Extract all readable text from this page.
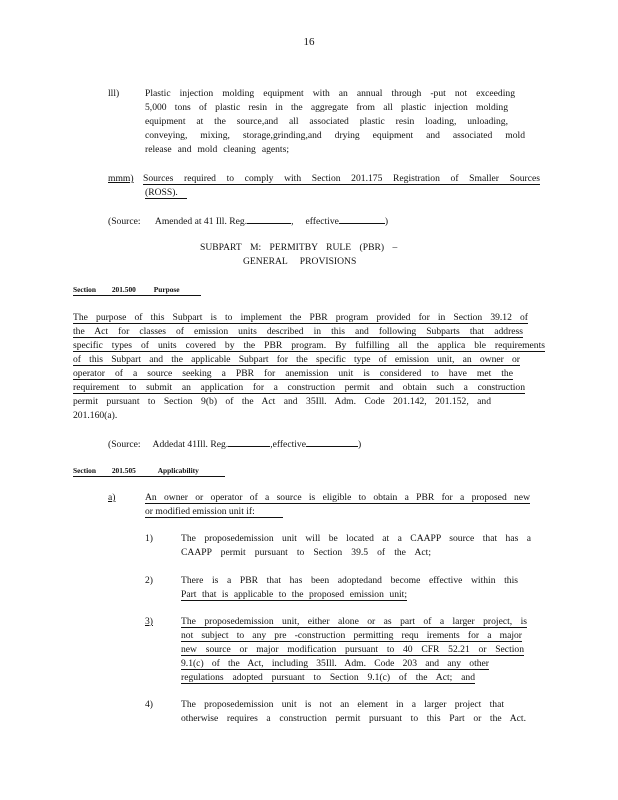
16
lll)	Plastic injection molding equipment with an annual through -put not exceeding
5,000 tons of plastic resin in the aggregate from all plastic injection molding
equipment at the source,and all associated plastic resin loading, unloading,
conveying, mixing, storage,grinding,and drying equipment and associated mold
release and mold cleaning agents;
mmm) Sources required to comply with Section 201.175 Registration of Smaller Sources
(ROSS).
(Source: Amended at 41 Ill. Reg.	, effective	)
SUBPART M: PERMITBY RULE (PBR) –
GENERAL PROVISIONS
Section 201.500 Purpose
The purpose of this Subpart is to implement the PBR program provided for in Section 39.12 of
the Act for classes of emission units described in this and following Subparts that address
specific types of units covered by the PBR program. By fulfilling all the applica ble requirements
of this Subpart and the applicable Subpart for the specific type of emission unit, an owner or
operator of a source seeking a PBR for anemission unit is considered to have met the
requirement to submit an application for a construction permit and obtain such a construction
permit pursuant to Section 9(b) of the Act and 35Ill. Adm. Code 201.142, 201.152, and
201.160(a).
(Source: Addedat 41Ill. Reg.	,effective	)
Section 201.505	Applicability
a)	An owner or operator of a source is eligible to obtain a PBR for a proposed new
or modified emission unit if:
1)	The proposedemission unit will be located at a CAAPP source that has a
CAAPP permit pursuant to Section 39.5 of the Act;
2)	There is a PBR that has been adoptedand become effective within this
Part that is applicable to the proposed emission unit;
3)	The proposedemission unit, either alone or as part of a larger project, is
not subject to any pre -construction permitting requ irements for a major
new source or major modification pursuant to 40 CFR 52.21 or Section
9.1(c) of the Act, including 35Ill. Adm. Code 203 and any other
regulations adopted pursuant to Section 9.1(c) of the Act; and
4)	The proposedemission unit is not an element in a larger project that
otherwise requires a construction permit pursuant to this Part or the Act.
